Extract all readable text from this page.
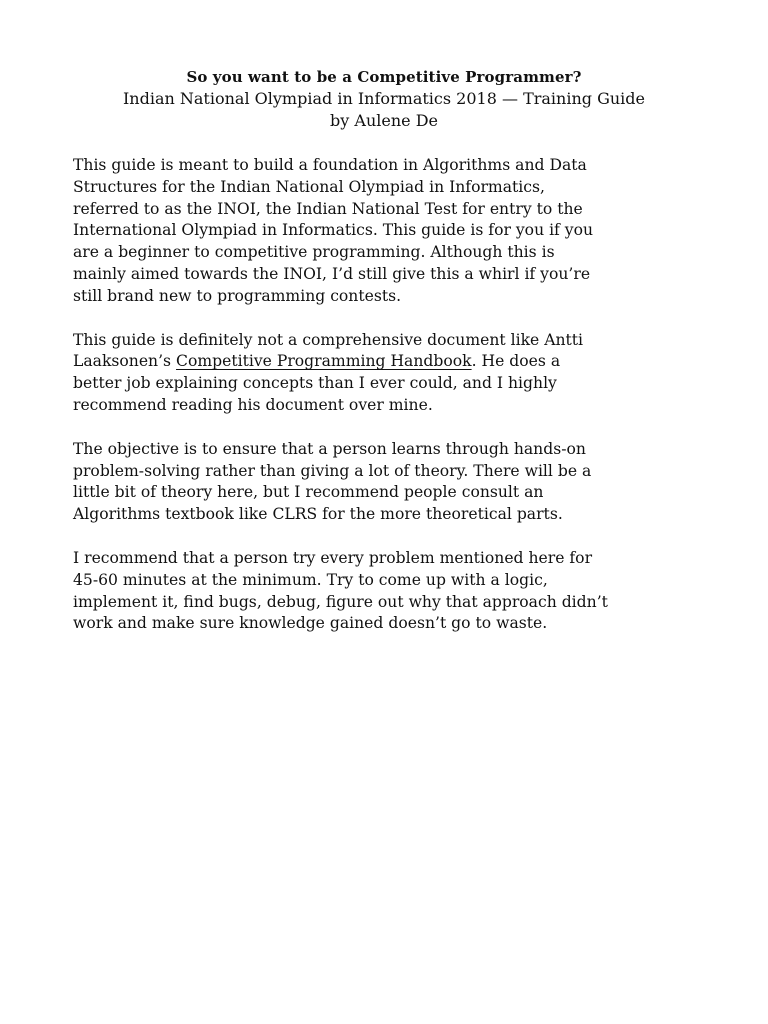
So you want to be a Competitive Programmer?
Indian National Olympiad in Informatics 2018 — Training Guide
by Aulene De

This guide is meant to build a foundation in Algorithms and Data
Structures for the Indian National Olympiad in Informatics,
referred to as the INOI, the Indian National Test for entry to the
International Olympiad in Informatics. This guide is for you if you
are a beginner to competitive programming. Although this is
mainly aimed towards the INOI, I’d still give this a whirl if you’re
still brand new to programming contests.

This guide is definitely not a comprehensive document like Antti
Laaksonen’s Competitive Programming Handbook. He does a
better job explaining concepts than I ever could, and I highly
recommend reading his document over mine.

The objective is to ensure that a person learns through hands-on
problem-solving rather than giving a lot of theory. There will be a
little bit of theory here, but I recommend people consult an
Algorithms textbook like CLRS for the more theoretical parts.

I recommend that a person try every problem mentioned here for
45-60 minutes at the minimum. Try to come up with a logic,
implement it, find bugs, debug, figure out why that approach didn’t
work and make sure knowledge gained doesn’t go to waste.
